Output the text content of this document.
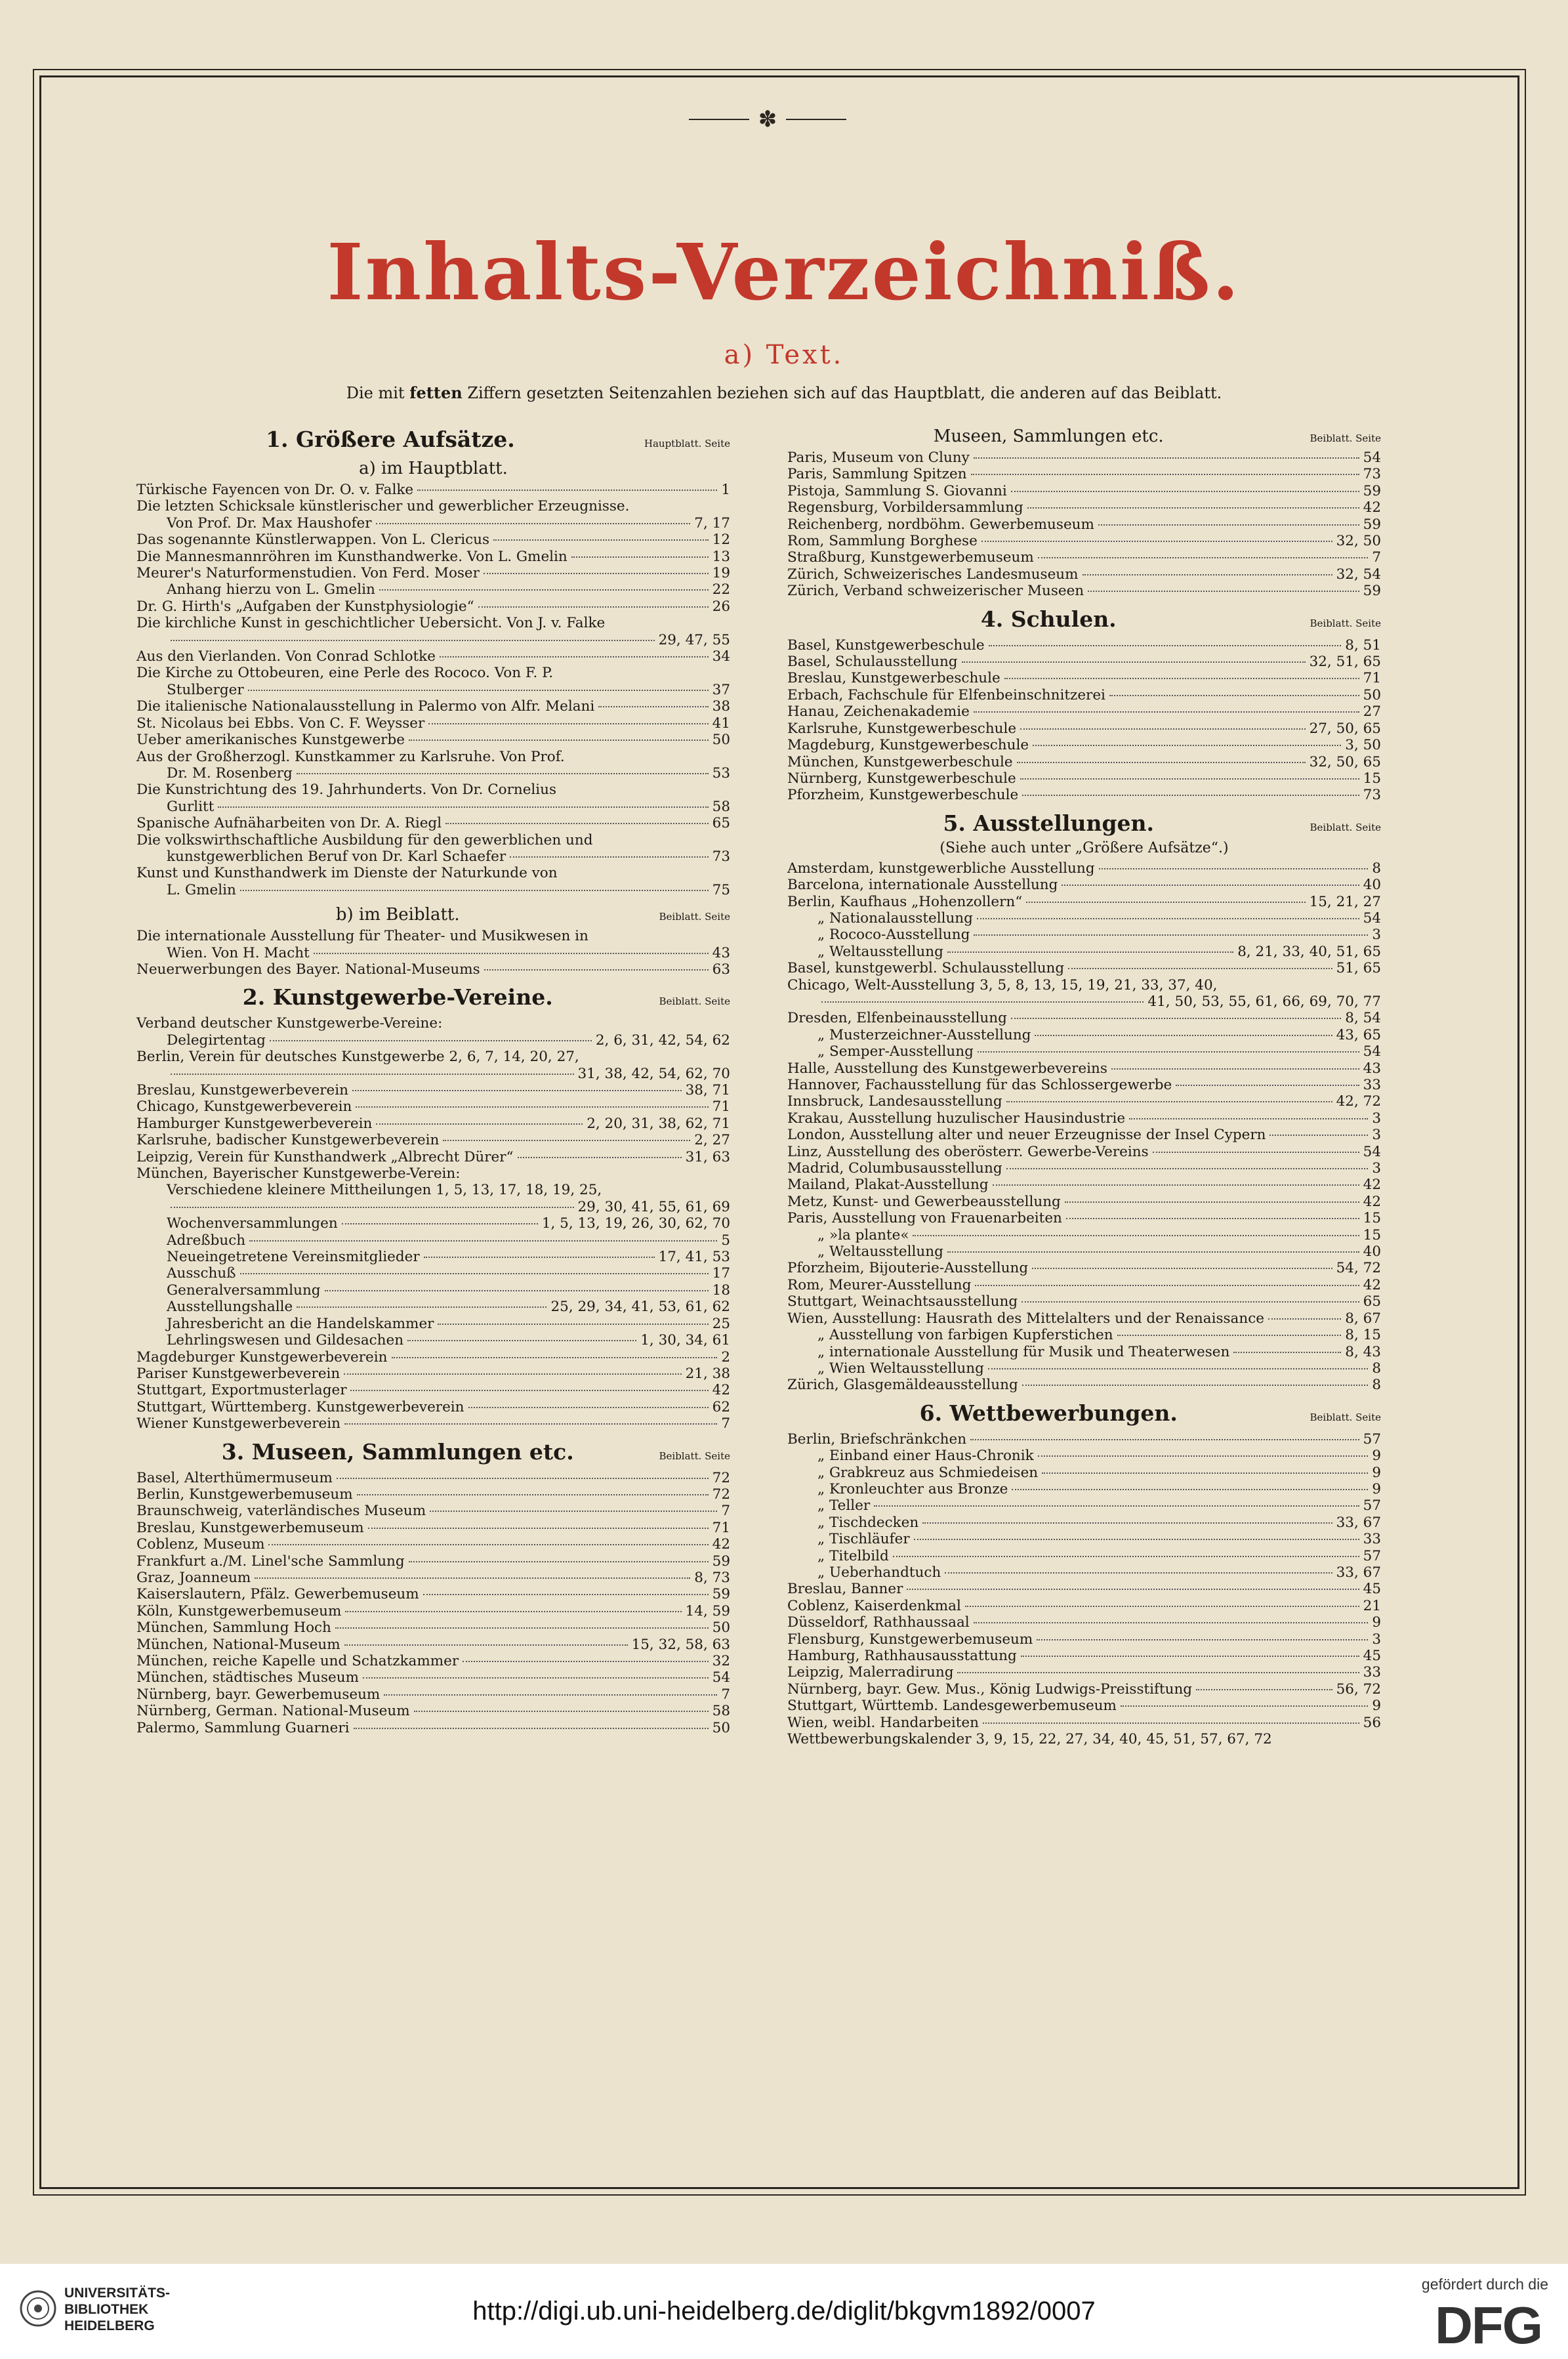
✽
Inhalts-Verzeichniß.
a) Text.
Die mit fetten Ziffern gesetzten Seitenzahlen beziehen sich auf das Hauptblatt, die anderen auf das Beiblatt.
1. Größere Aufsätze.	Hauptblatt. Seite
a) im Hauptblatt.
Türkische Fayencen von Dr. O. v. Falke	1
Die letzten Schicksale künstlerischer und gewerblicher Erzeugnisse.
Von Prof. Dr. Max Haushofer	7, 17
Das sogenannte Künstlerwappen. Von L. Clericus	12
Die Mannesmannröhren im Kunsthandwerke. Von L. Gmelin	13
Meurer's Naturformenstudien. Von Ferd. Moser	19
Anhang hierzu von L. Gmelin	22
Dr. G. Hirth's „Aufgaben der Kunstphysiologie“	26
Die kirchliche Kunst in geschichtlicher Uebersicht. Von J. v. Falke
29, 47, 55
Aus den Vierlanden. Von Conrad Schlotke	34
Die Kirche zu Ottobeuren, eine Perle des Rococo. Von F. P.
Stulberger	37
Die italienische Nationalausstellung in Palermo von Alfr. Melani	38
St. Nicolaus bei Ebbs. Von C. F. Weysser	41
Ueber amerikanisches Kunstgewerbe	50
Aus der Großherzogl. Kunstkammer zu Karlsruhe. Von Prof.
Dr. M. Rosenberg	53
Die Kunstrichtung des 19. Jahrhunderts. Von Dr. Cornelius
Gurlitt	58
Spanische Aufnäharbeiten von Dr. A. Riegl	65
Die volkswirthschaftliche Ausbildung für den gewerblichen und
kunstgewerblichen Beruf von Dr. Karl Schaefer	73
Kunst und Kunsthandwerk im Dienste der Naturkunde von
L. Gmelin	75
b) im Beiblatt.	Beiblatt. Seite
Die internationale Ausstellung für Theater- und Musikwesen in
Wien. Von H. Macht	43
Neuerwerbungen des Bayer. National-Museums	63
2. Kunstgewerbe-Vereine.	Beiblatt. Seite
Verband deutscher Kunstgewerbe-Vereine:
Delegirtentag	2, 6, 31, 42, 54, 62
Berlin, Verein für deutsches Kunstgewerbe 2, 6, 7, 14, 20, 27,
31, 38, 42, 54, 62, 70
Breslau, Kunstgewerbeverein	38, 71
Chicago, Kunstgewerbeverein	71
Hamburger Kunstgewerbeverein	2, 20, 31, 38, 62, 71
Karlsruhe, badischer Kunstgewerbeverein	2, 27
Leipzig, Verein für Kunsthandwerk „Albrecht Dürer“	31, 63
München, Bayerischer Kunstgewerbe-Verein:
Verschiedene kleinere Mittheilungen 1, 5, 13, 17, 18, 19, 25,
29, 30, 41, 55, 61, 69
Wochenversammlungen	1, 5, 13, 19, 26, 30, 62, 70
Adreßbuch	5
Neueingetretene Vereinsmitglieder	17, 41, 53
Ausschuß	17
Generalversammlung	18
Ausstellungshalle	25, 29, 34, 41, 53, 61, 62
Jahresbericht an die Handelskammer	25
Lehrlingswesen und Gildesachen	1, 30, 34, 61
Magdeburger Kunstgewerbeverein	2
Pariser Kunstgewerbeverein	21, 38
Stuttgart, Exportmusterlager	42
Stuttgart, Württemberg. Kunstgewerbeverein	62
Wiener Kunstgewerbeverein	7
3. Museen, Sammlungen etc.	Beiblatt. Seite
Basel, Alterthümermuseum	72
Berlin, Kunstgewerbemuseum	72
Braunschweig, vaterländisches Museum	7
Breslau, Kunstgewerbemuseum	71
Coblenz, Museum	42
Frankfurt a./M. Linel'sche Sammlung	59
Graz, Joanneum	8, 73
Kaiserslautern, Pfälz. Gewerbemuseum	59
Köln, Kunstgewerbemuseum	14, 59
München, Sammlung Hoch	50
München, National-Museum	15, 32, 58, 63
München, reiche Kapelle und Schatzkammer	32
München, städtisches Museum	54
Nürnberg, bayr. Gewerbemuseum	7
Nürnberg, German. National-Museum	58
Palermo, Sammlung Guarneri	50
Museen, Sammlungen etc.	Beiblatt. Seite
Paris, Museum von Cluny	54
Paris, Sammlung Spitzen	73
Pistoja, Sammlung S. Giovanni	59
Regensburg, Vorbildersammlung	42
Reichenberg, nordböhm. Gewerbemuseum	59
Rom, Sammlung Borghese	32, 50
Straßburg, Kunstgewerbemuseum	7
Zürich, Schweizerisches Landesmuseum	32, 54
Zürich, Verband schweizerischer Museen	59
4. Schulen.	Beiblatt. Seite
Basel, Kunstgewerbeschule	8, 51
Basel, Schulausstellung	32, 51, 65
Breslau, Kunstgewerbeschule	71
Erbach, Fachschule für Elfenbeinschnitzerei	50
Hanau, Zeichenakademie	27
Karlsruhe, Kunstgewerbeschule	27, 50, 65
Magdeburg, Kunstgewerbeschule	3, 50
München, Kunstgewerbeschule	32, 50, 65
Nürnberg, Kunstgewerbeschule	15
Pforzheim, Kunstgewerbeschule	73
5. Ausstellungen.	Beiblatt. Seite
(Siehe auch unter „Größere Aufsätze“.)
Amsterdam, kunstgewerbliche Ausstellung	8
Barcelona, internationale Ausstellung	40
Berlin, Kaufhaus „Hohenzollern“	15, 21, 27
„ Nationalausstellung	54
„ Rococo-Ausstellung	3
„ Weltausstellung	8, 21, 33, 40, 51, 65
Basel, kunstgewerbl. Schulausstellung	51, 65
Chicago, Welt-Ausstellung 3, 5, 8, 13, 15, 19, 21, 33, 37, 40,
41, 50, 53, 55, 61, 66, 69, 70, 77
Dresden, Elfenbeinausstellung	8, 54
„ Musterzeichner-Ausstellung	43, 65
„ Semper-Ausstellung	54
Halle, Ausstellung des Kunstgewerbevereins	43
Hannover, Fachausstellung für das Schlossergewerbe	33
Innsbruck, Landesausstellung	42, 72
Krakau, Ausstellung huzulischer Hausindustrie	3
London, Ausstellung alter und neuer Erzeugnisse der Insel Cypern	3
Linz, Ausstellung des oberösterr. Gewerbe-Vereins	54
Madrid, Columbusausstellung	3
Mailand, Plakat-Ausstellung	42
Metz, Kunst- und Gewerbeausstellung	42
Paris, Ausstellung von Frauenarbeiten	15
„ »la plante«	15
„ Weltausstellung	40
Pforzheim, Bijouterie-Ausstellung	54, 72
Rom, Meurer-Ausstellung	42
Stuttgart, Weinachtsausstellung	65
Wien, Ausstellung: Hausrath des Mittelalters und der Renaissance	8, 67
„ Ausstellung von farbigen Kupferstichen	8, 15
„ internationale Ausstellung für Musik und Theaterwesen	8, 43
„ Wien Weltausstellung	8
Zürich, Glasgemäldeausstellung	8
6. Wettbewerbungen.	Beiblatt. Seite
Berlin, Briefschränkchen	57
„ Einband einer Haus-Chronik	9
„ Grabkreuz aus Schmiedeisen	9
„ Kronleuchter aus Bronze	9
„ Teller	57
„ Tischdecken	33, 67
„ Tischläufer	33
„ Titelbild	57
„ Ueberhandtuch	33, 67
Breslau, Banner	45
Coblenz, Kaiserdenkmal	21
Düsseldorf, Rathhaussaal	9
Flensburg, Kunstgewerbemuseum	3
Hamburg, Rathhausausstattung	45
Leipzig, Malerradirung	33
Nürnberg, bayr. Gew. Mus., König Ludwigs-Preisstiftung	56, 72
Stuttgart, Württemb. Landesgewerbemuseum	9
Wien, weibl. Handarbeiten	56
Wettbewerbungskalender 3, 9, 15, 22, 27, 34, 40, 45, 51, 57, 67, 72
UNIVERSITÄTS-
BIBLIOTHEK
HEIDELBERG
http://digi.ub.uni-heidelberg.de/diglit/bkgvm1892/0007
gefördert durch die
DFG
